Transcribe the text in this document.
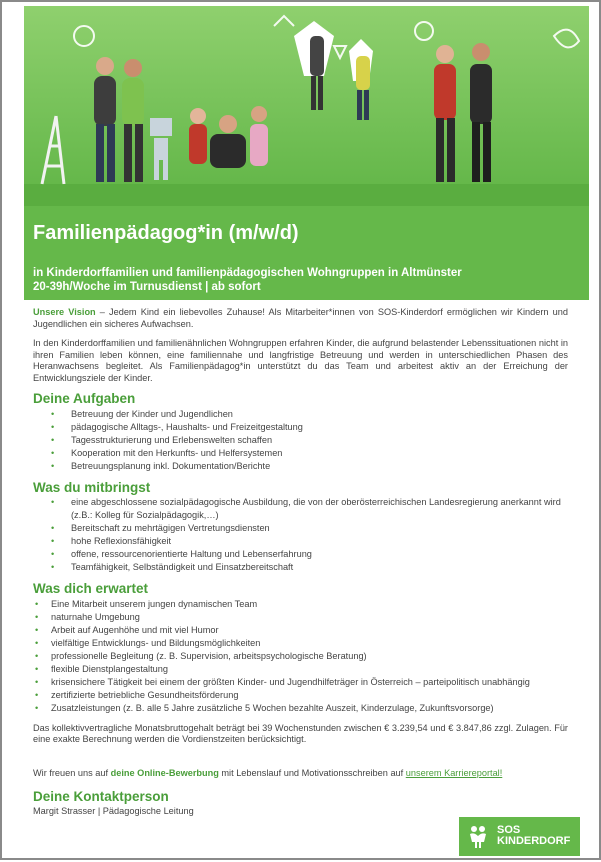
Familienpädagog*in (m/w/d)
in Kinderdorffamilien und familienpädagogischen Wohngruppen in Altmünster
20-39h/Woche im Turnusdienst | ab sofort

Unsere Vision – Jedem Kind ein liebevolles Zuhause! Als Mitarbeiter*innen von SOS-Kinderdorf ermöglichen wir Kindern und Jugendlichen ein sicheres Aufwachsen.

In den Kinderdorffamilien und familienähnlichen Wohngruppen erfahren Kinder, die aufgrund belastender Lebenssituationen nicht in ihren Familien leben können, eine familiennahe und langfristige Betreuung und werden in unterschiedlichen Phasen des Heranwachsens begleitet. Als Familienpädagog*in unterstützt du das Team und arbeitest aktiv an der Erreichung der Entwicklungsziele der Kinder.

Deine Aufgaben
• Betreuung der Kinder und Jugendlichen
• pädagogische Alltags-, Haushalts- und Freizeitgestaltung
• Tagesstrukturierung und Erlebenswelten schaffen
• Kooperation mit den Herkunfts- und Helfersystemen
• Betreuungsplanung inkl. Dokumentation/Berichte
Was du mitbringst
• eine abgeschlossene sozialpädagogische Ausbildung, die von der oberösterreichischen Landesregierung anerkannt wird (z.B.: Kolleg für Sozialpädagogik,…)
• Bereitschaft zu mehrtägigen Vertretungsdiensten
• hohe Reflexionsfähigkeit
• offene, ressourcenorientierte Haltung und Lebenserfahrung
• Teamfähigkeit, Selbständigkeit und Einsatzbereitschaft
Was dich erwartet
• Eine Mitarbeit unserem jungen dynamischen Team
• naturnahe Umgebung
• Arbeit auf Augenhöhe und mit viel Humor
• vielfältige Entwicklungs- und Bildungsmöglichkeiten
• professionelle Begleitung (z. B. Supervision, arbeitspsychologische Beratung)
• flexible Dienstplangestaltung
• krisensichere Tätigkeit bei einem der größten Kinder- und Jugendhilfeträger in Österreich – parteipolitisch unabhängig
• zertifizierte betriebliche Gesundheitsförderung
• Zusatzleistungen (z. B. alle 5 Jahre zusätzliche 5 Wochen bezahlte Auszeit, Kinderzulage, Zukunftsvorsorge)

Das kollektivvertragliche Monatsbruttogehalt beträgt bei 39 Wochenstunden zwischen € 3.239,54 und € 3.847,86 zzgl. Zulagen. Für eine exakte Berechnung werden die Vordienstzeiten berücksichtigt.

Wir freuen uns auf deine Online-Bewerbung mit Lebenslauf und Motivationsschreiben auf unserem Karriereportal!

Deine Kontaktperson
Margit Strasser | Pädagogische Leitung
SOS
KINDERDORF
